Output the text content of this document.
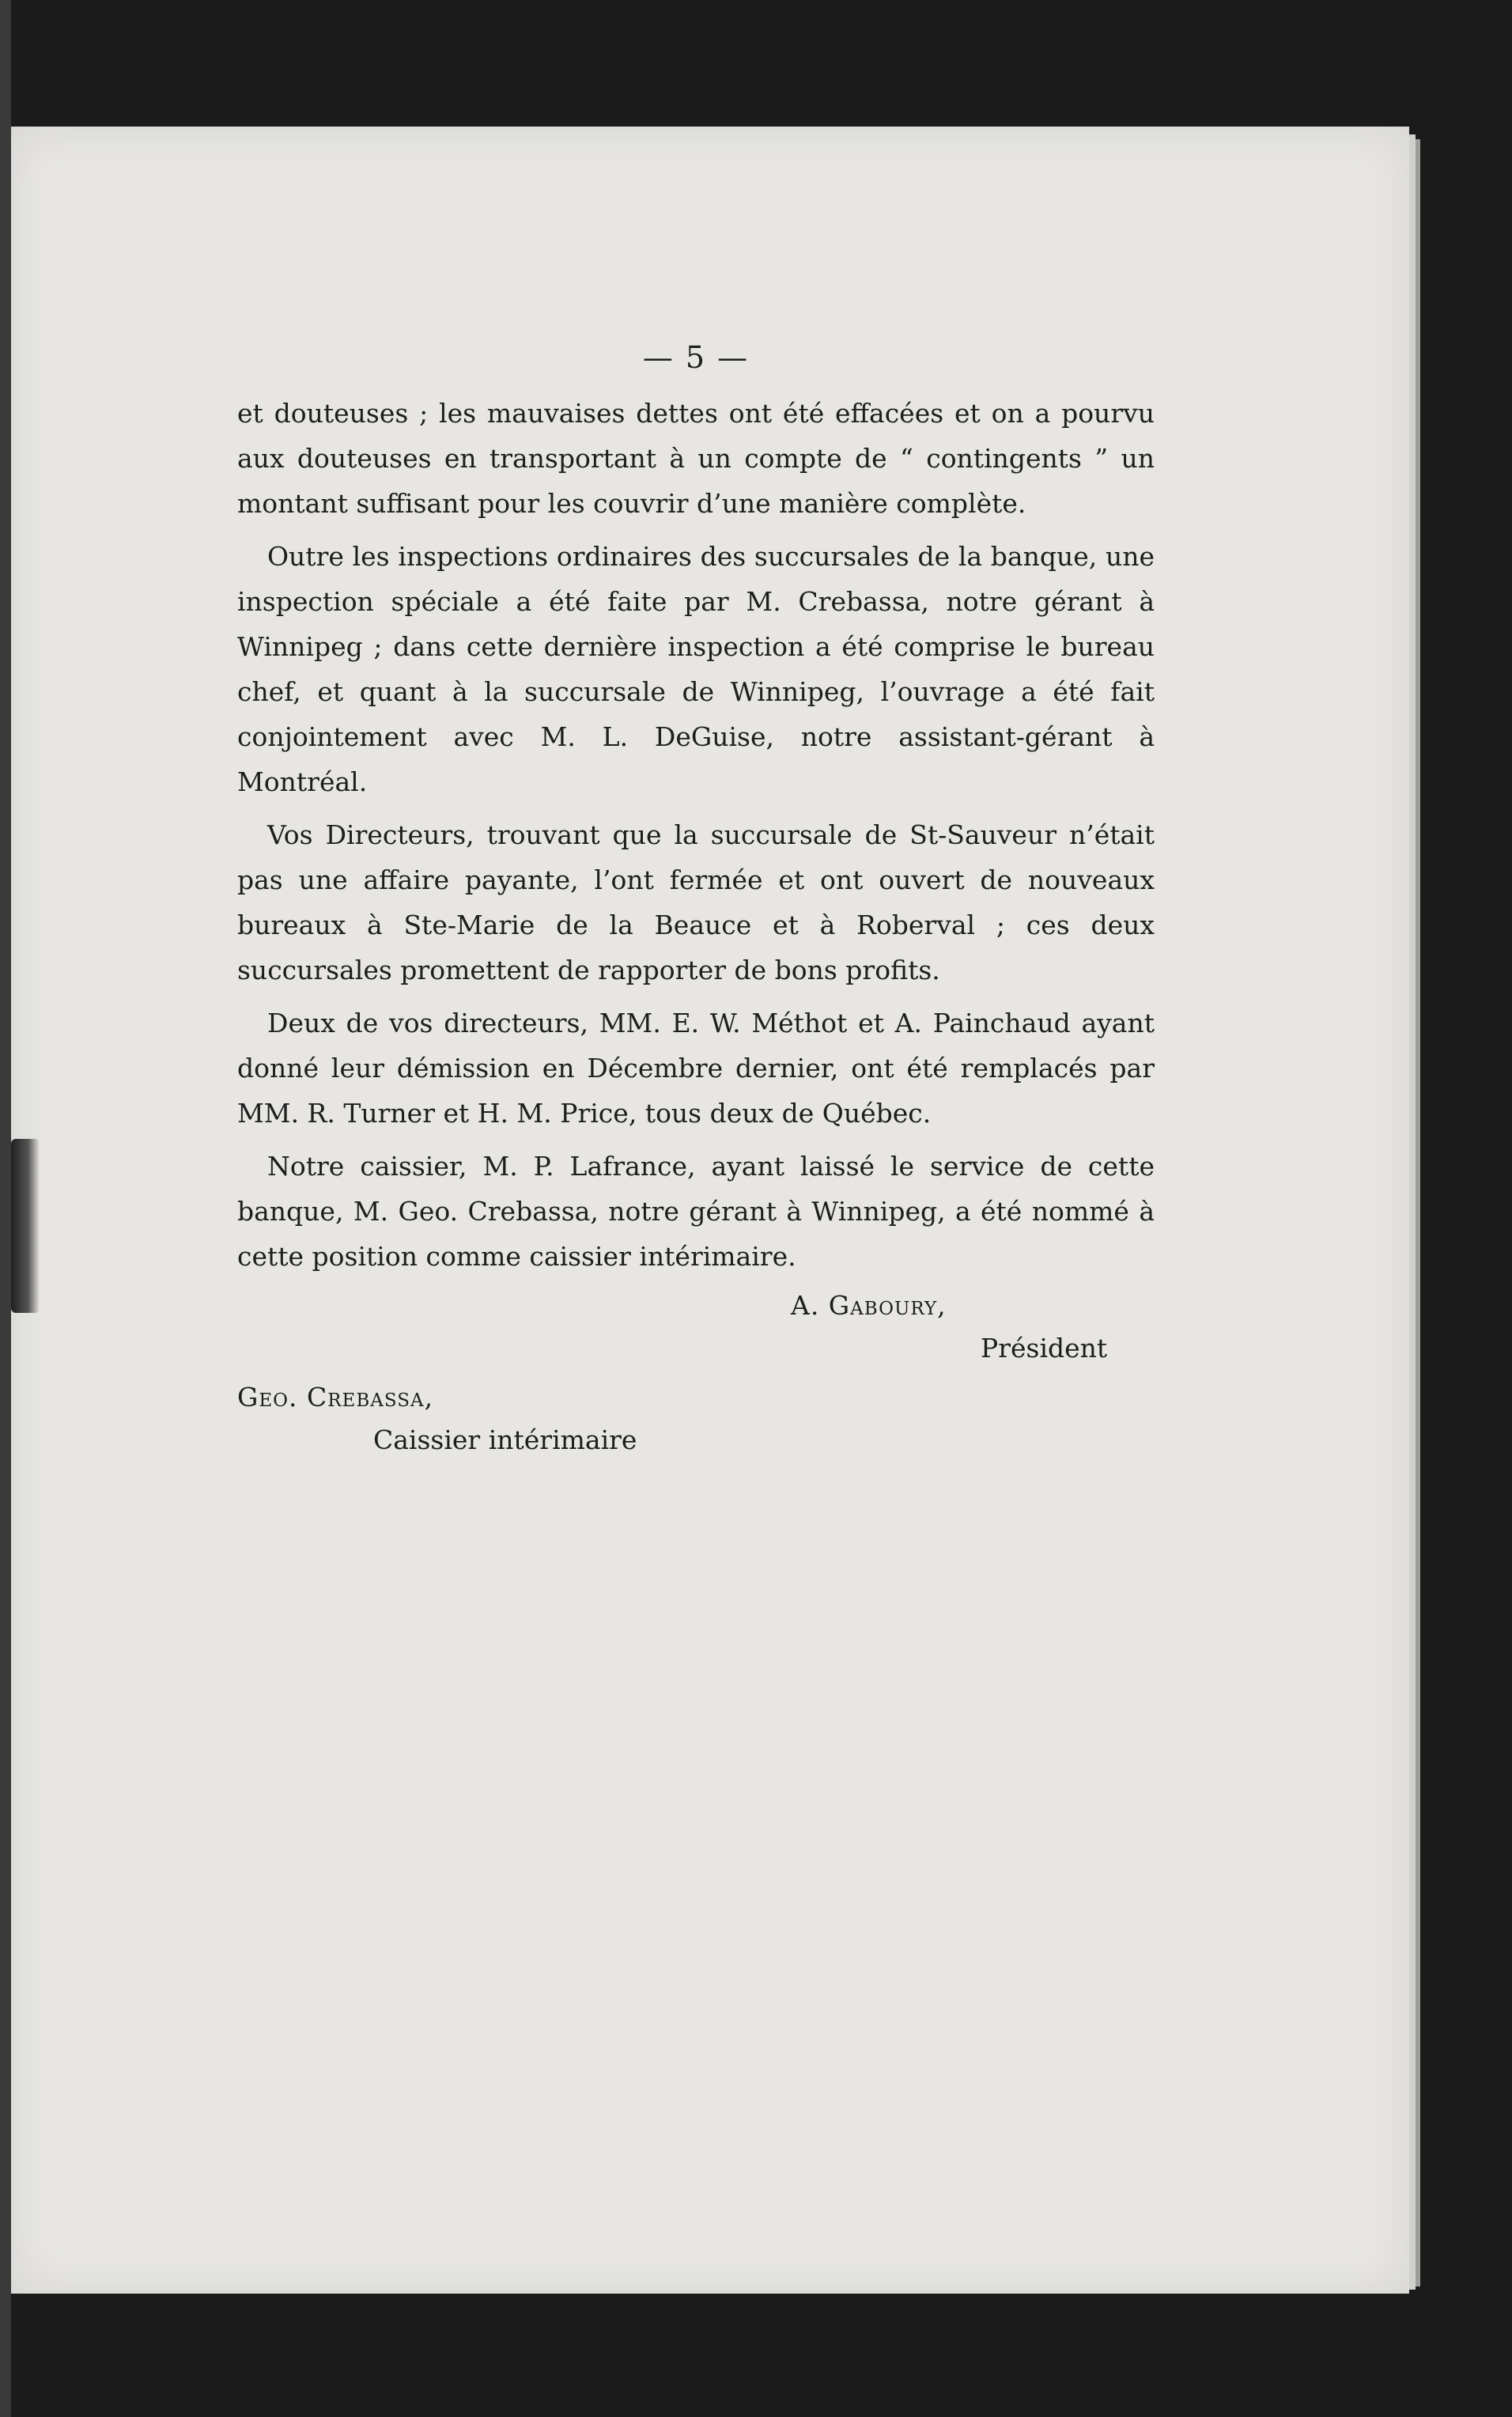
— 5 —

et douteuses ; les mauvaises dettes ont été effacées et on a pourvu aux douteuses en transportant à un compte de “ contingents ” un montant suffisant pour les couvrir d’une manière complète.

Outre les inspections ordinaires des succursales de la banque, une inspection spéciale a été faite par M. Crebassa, notre gérant à Winnipeg ; dans cette dernière inspection a été comprise le bureau chef, et quant à la succursale de Winnipeg, l’ouvrage a été fait conjointement avec M. L. DeGuise, notre assistant-gérant à Montréal.

Vos Directeurs, trouvant que la succursale de St-Sauveur n’était pas une affaire payante, l’ont fermée et ont ouvert de nouveaux bureaux à Ste-Marie de la Beauce et à Roberval ; ces deux succursales promettent de rapporter de bons profits.

Deux de vos directeurs, MM. E. W. Méthot et A. Painchaud ayant donné leur démission en Décembre dernier, ont été remplacés par MM. R. Turner et H. M. Price, tous deux de Québec.

Notre caissier, M. P. Lafrance, ayant laissé le service de cette banque, M. Geo. Crebassa, notre gérant à Winnipeg, a été nommé à cette position comme caissier intérimaire.

A. Gaboury,
Président
Geo. Crebassa,
Caissier intérimaire
